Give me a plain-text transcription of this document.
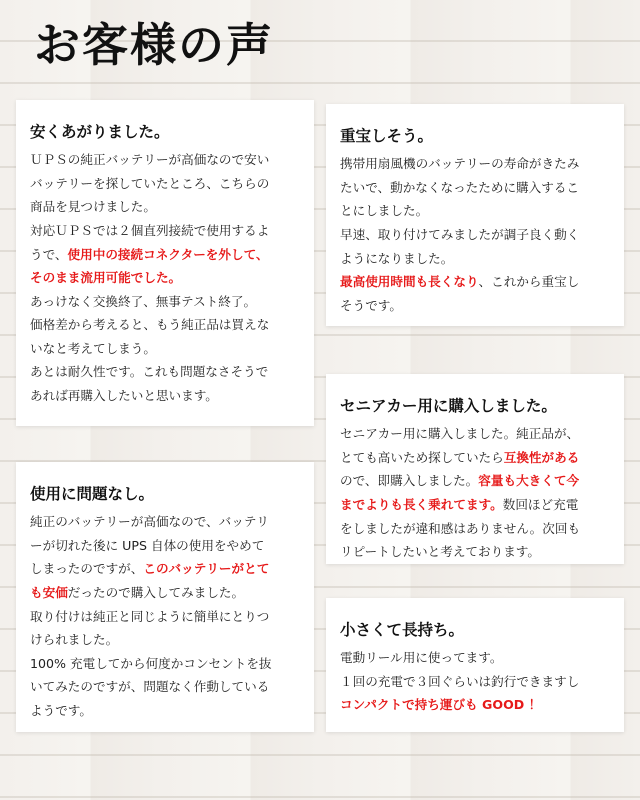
お客様の声
安くあがりました。

ＵＰＳの純正バッテリーが高価なので安い
バッテリーを探していたところ、こちらの
商品を見つけました。
対応ＵＰＳでは２個直列接続で使用するよ
うで、使用中の接続コネクターを外して、
そのまま流用可能でした。
あっけなく交換終了、無事テスト終了。
価格差から考えると、もう純正品は買えな
いなと考えてしまう。
あとは耐久性です。これも問題なさそうで
あれば再購入したいと思います。

重宝しそう。

携帯用扇風機のバッテリーの寿命がきたみ
たいで、動かなくなったために購入するこ
とにしました。
早速、取り付けてみましたが調子良く動く
ようになりました。
最高使用時間も長くなり、これから重宝し
そうです。

使用に問題なし。

純正のバッテリーが高価なので、バッテリ
ーが切れた後に UPS 自体の使用をやめて
しまったのですが、このバッテリーがとて
も安価だったので購入してみました。
取り付けは純正と同じように簡単にとりつ
けられました。
100% 充電してから何度かコンセントを抜
いてみたのですが、問題なく作動している
ようです。

セニアカー用に購入しました。

セニアカー用に購入しました。純正品が、
とても高いため探していたら互換性がある
ので、即購入しました。容量も大きくて今
までよりも長く乗れてます。数回ほど充電
をしましたが違和感はありません。次回も
リピートしたいと考えております。

小さくて長持ち。

電動リール用に使ってます。
１回の充電で３回ぐらいは釣行できますし
コンパクトで持ち運びも GOOD ！
